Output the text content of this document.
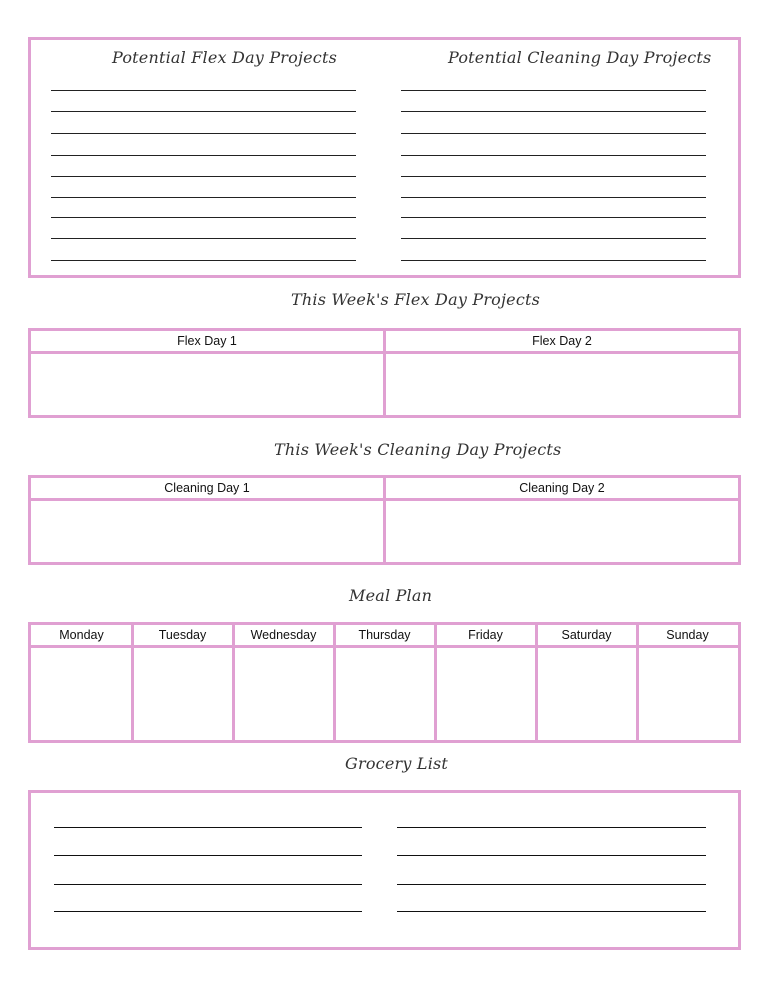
Potential Flex Day Projects	Potential Cleaning Day Projects
This Week's Flex Day Projects
Flex Day 1	Flex Day 2
This Week's Cleaning Day Projects
Cleaning Day 1	Cleaning Day 2
Meal Plan
Monday	Tuesday	Wednesday	Thursday	Friday	Saturday	Sunday
Grocery List
